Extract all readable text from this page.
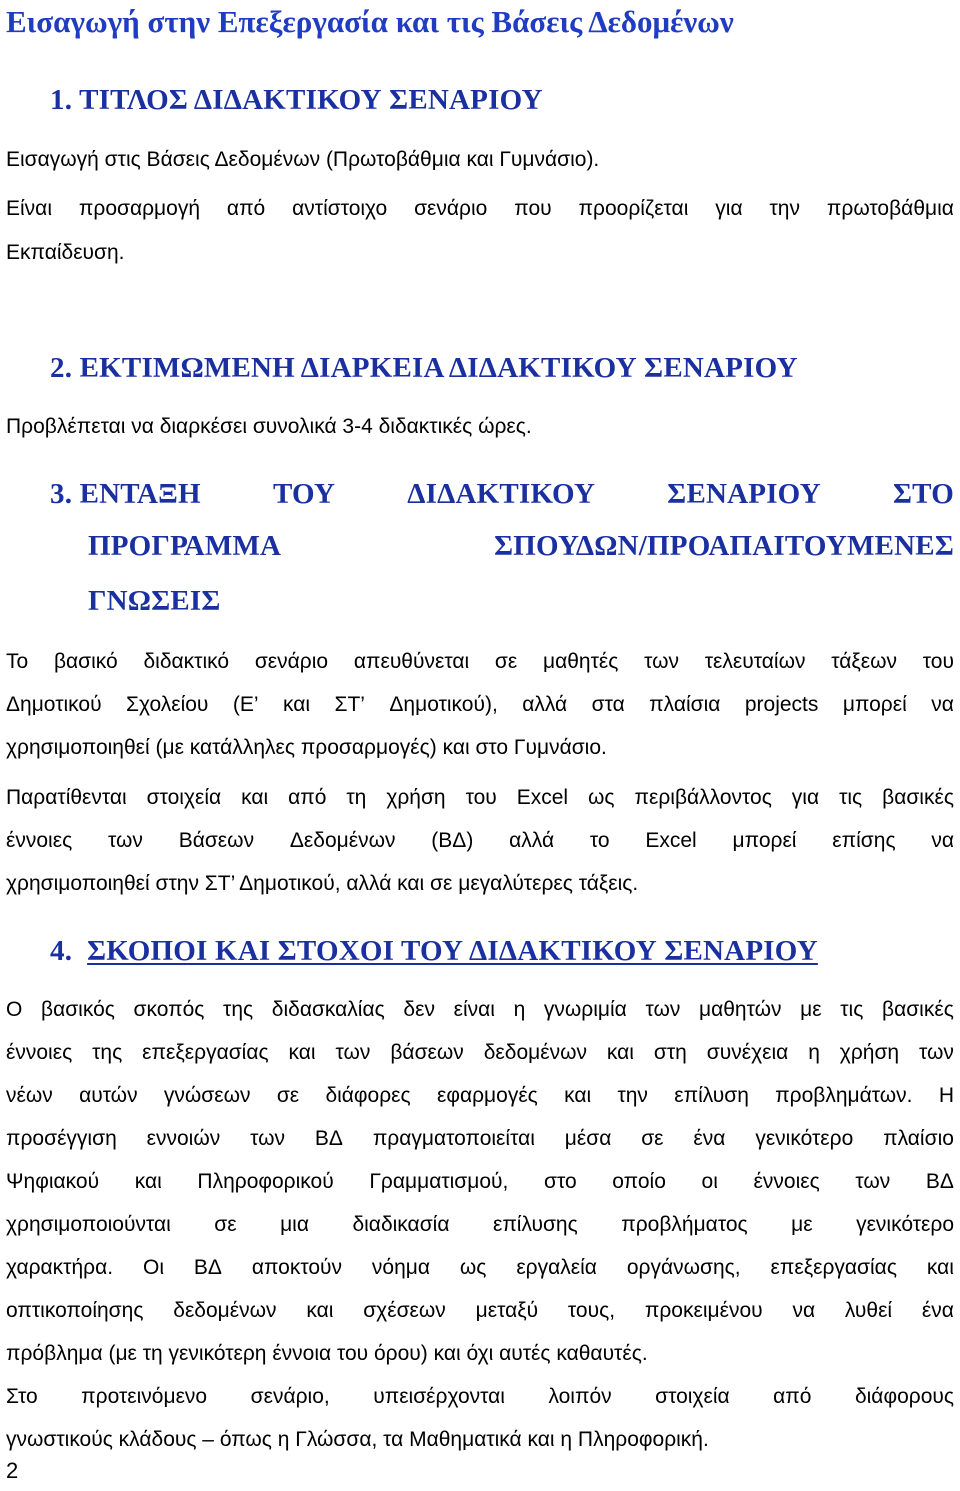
Εισαγωγή στην Επεξεργασία και τις Βάσεις Δεδομένων
1. ΤΙΤΛΟΣ ΔΙΔΑΚΤΙΚΟΥ ΣΕΝΑΡΙΟΥ
Εισαγωγή στις Βάσεις Δεδομένων (Πρωτοβάθμια και Γυμνάσιο).
Είναι προσαρμογή από αντίστοιχο σενάριο που προορίζεται για την πρωτοβάθμια
Εκπαίδευση.
2. ΕΚΤΙΜΩΜΕΝΗ ΔΙΑΡΚΕΙΑ ΔΙΔΑΚΤΙΚΟΥ ΣΕΝΑΡΙΟΥ
Προβλέπεται να διαρκέσει συνολικά 3-4 διδακτικές ώρες.
3. ΕΝΤΑΞΗ ΤΟΥ ΔΙΔΑΚΤΙΚΟΥ ΣΕΝΑΡΙΟΥ ΣΤΟ
ΠΡΟΓΡΑΜΜΑ	ΣΠΟΥΔΩΝ/ΠΡΟΑΠΑΙΤΟΥΜΕΝΕΣ
ΓΝΩΣΕΙΣ
Το βασικό διδακτικό σενάριο απευθύνεται σε μαθητές των τελευταίων τάξεων του
Δημοτικού Σχολείου (Ε’ και ΣΤ’ Δημοτικού), αλλά στα πλαίσια projects μπορεί να
χρησιμοποιηθεί (με κατάλληλες προσαρμογές) και στο Γυμνάσιο.
Παρατίθενται στοιχεία και από τη χρήση του Excel ως περιβάλλοντος για τις βασικές
έννοιες των Βάσεων Δεδομένων (ΒΔ) αλλά το Excel μπορεί επίσης να
χρησιμοποιηθεί στην ΣΤ’ Δημοτικού, αλλά και σε μεγαλύτερες τάξεις.
4. ΣΚΟΠΟΙ ΚΑΙ ΣΤΟΧΟΙ ΤΟΥ ΔΙΔΑΚΤΙΚΟΥ ΣΕΝΑΡΙΟΥ
Ο βασικός σκοπός της διδασκαλίας δεν είναι η γνωριμία των μαθητών με τις βασικές
έννοιες της επεξεργασίας και των βάσεων δεδομένων και στη συνέχεια η χρήση των
νέων αυτών γνώσεων σε διάφορες εφαρμογές και την επίλυση προβλημάτων. Η
προσέγγιση εννοιών των ΒΔ πραγματοποιείται μέσα σε ένα γενικότερο πλαίσιο
Ψηφιακού και Πληροφορικού Γραμματισμού, στο οποίο οι έννοιες των ΒΔ
χρησιμοποιούνται σε μια διαδικασία επίλυσης προβλήματος με γενικότερο
χαρακτήρα. Οι ΒΔ αποκτούν νόημα ως εργαλεία οργάνωσης, επεξεργασίας και
οπτικοποίησης δεδομένων και σχέσεων μεταξύ τους, προκειμένου να λυθεί ένα
πρόβλημα (με τη γενικότερη έννοια του όρου) και όχι αυτές καθαυτές.
Στο προτεινόμενο σενάριο, υπεισέρχονται λοιπόν στοιχεία από διάφορους
γνωστικούς κλάδους – όπως η Γλώσσα, τα Μαθηματικά και η Πληροφορική.
2
